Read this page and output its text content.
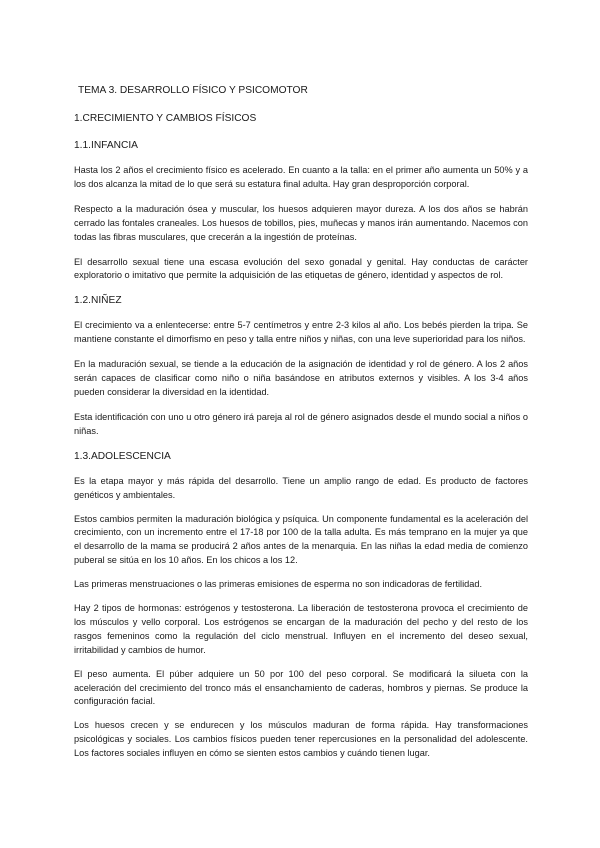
TEMA 3. DESARROLLO FÍSICO Y PSICOMOTOR
1.CRECIMIENTO Y CAMBIOS FÍSICOS
1.1.INFANCIA

Hasta los 2 años el crecimiento físico es acelerado. En cuanto a la talla: en el primer año aumenta un 50% y a los dos alcanza la mitad de lo que será su estatura final adulta. Hay gran desproporción corporal.

Respecto a la maduración ósea y muscular, los huesos adquieren mayor dureza. A los dos años se habrán cerrado las fontales craneales. Los huesos de tobillos, pies, muñecas y manos irán aumentando. Nacemos con todas las fibras musculares, que crecerán a la ingestión de proteínas.

El desarrollo sexual tiene una escasa evolución del sexo gonadal y genital. Hay conductas de carácter exploratorio o imitativo que permite la adquisición de las etiquetas de género, identidad y aspectos de rol.

1.2.NIÑEZ

El crecimiento va a enlentecerse: entre 5-7 centímetros y entre 2-3 kilos al año. Los bebés pierden la tripa. Se mantiene constante el dimorfismo en peso y talla entre niños y niñas, con una leve superioridad para los niños.

En la maduración sexual, se tiende a la educación de la asignación de identidad y rol de género. A los 2 años serán capaces de clasificar como niño o niña basándose en atributos externos y visibles. A los 3-4 años pueden considerar la diversidad en la identidad.

Esta identificación con uno u otro género irá pareja al rol de género asignados desde el mundo social a niños o niñas.

1.3.ADOLESCENCIA

Es la etapa mayor y más rápida del desarrollo. Tiene un amplio rango de edad. Es producto de factores genéticos y ambientales.

Estos cambios permiten la maduración biológica y psíquica. Un componente fundamental es la aceleración del crecimiento, con un incremento entre el 17-18 por 100 de la talla adulta. Es más temprano en la mujer ya que el desarrollo de la mama se producirá 2 años antes de la menarquia. En las niñas la edad media de comienzo puberal se sitúa en los 10 años. En los chicos a los 12.

Las primeras menstruaciones o las primeras emisiones de esperma no son indicadoras de fertilidad.

Hay 2 tipos de hormonas: estrógenos y testosterona. La liberación de testosterona provoca el crecimiento de los músculos y vello corporal. Los estrógenos se encargan de la maduración del pecho y del resto de los rasgos femeninos como la regulación del ciclo menstrual. Influyen en el incremento del deseo sexual, irritabilidad y cambios de humor.

El peso aumenta. El púber adquiere un 50 por 100 del peso corporal. Se modificará la silueta con la aceleración del crecimiento del tronco más el ensanchamiento de caderas, hombros y piernas. Se produce la configuración facial.

Los huesos crecen y se endurecen y los músculos maduran de forma rápida. Hay transformaciones psicológicas y sociales. Los cambios físicos pueden tener repercusiones en la personalidad del adolescente. Los factores sociales influyen en cómo se sienten estos cambios y cuándo tienen lugar.
